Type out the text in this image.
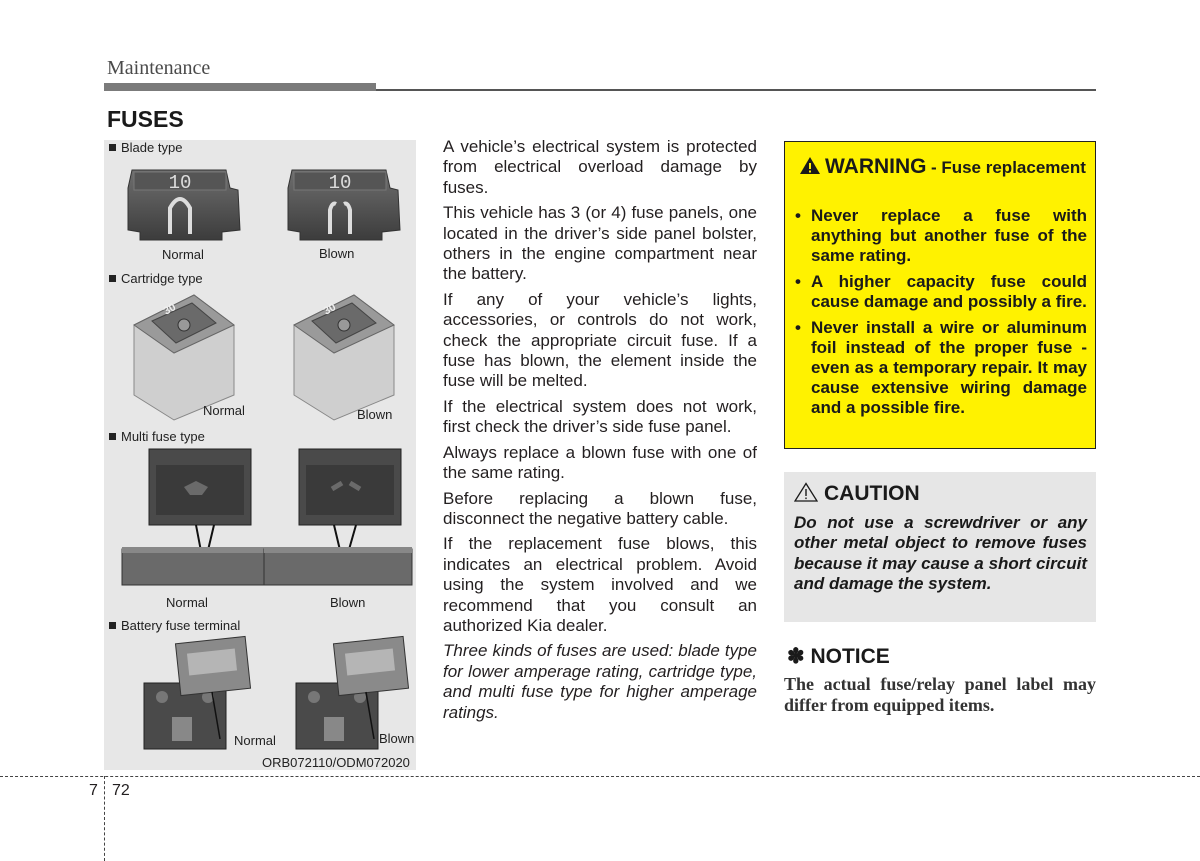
Maintenance
FUSES
Blade type
10	10
Normal	Blown
Cartridge type
30	30
Normal	Blown
Multi fuse type
Normal	Blown
Battery fuse terminal
Normal	Blown
ORB072110/ODM072020

A vehicle’s electrical system is protected from electrical overload damage by fuses.

This vehicle has 3 (or 4) fuse panels, one located in the driver’s side panel bolster, others in the engine compartment near the battery.

If any of your vehicle’s lights, accessories, or controls do not work, check the appropriate circuit fuse. If a fuse has blown, the element inside the fuse will be melted.

If the electrical system does not work, first check the driver’s side fuse panel.

Always replace a blown fuse with one of the same rating.

Before replacing a blown fuse, disconnect the negative battery cable.

If the replacement fuse blows, this indicates an electrical problem. Avoid using the system involved and we recommend that you consult an authorized Kia dealer.

Three kinds of fuses are used: blade type for lower amperage rating, cartridge type, and multi fuse type for higher amperage ratings.

WARNING - Fuse replacement
• Never replace a fuse with anything but another fuse of the same rating.
• A higher capacity fuse could cause damage and possibly a fire.
• Never install a wire or aluminum foil instead of the proper fuse - even as a temporary repair. It may cause extensive wiring damage and a possible fire.
CAUTION
Do not use a screwdriver or any other metal object to remove fuses because it may cause a short circuit and damage the system.
✽ NOTICE
The actual fuse/relay panel label may differ from equipped items.
7 72
